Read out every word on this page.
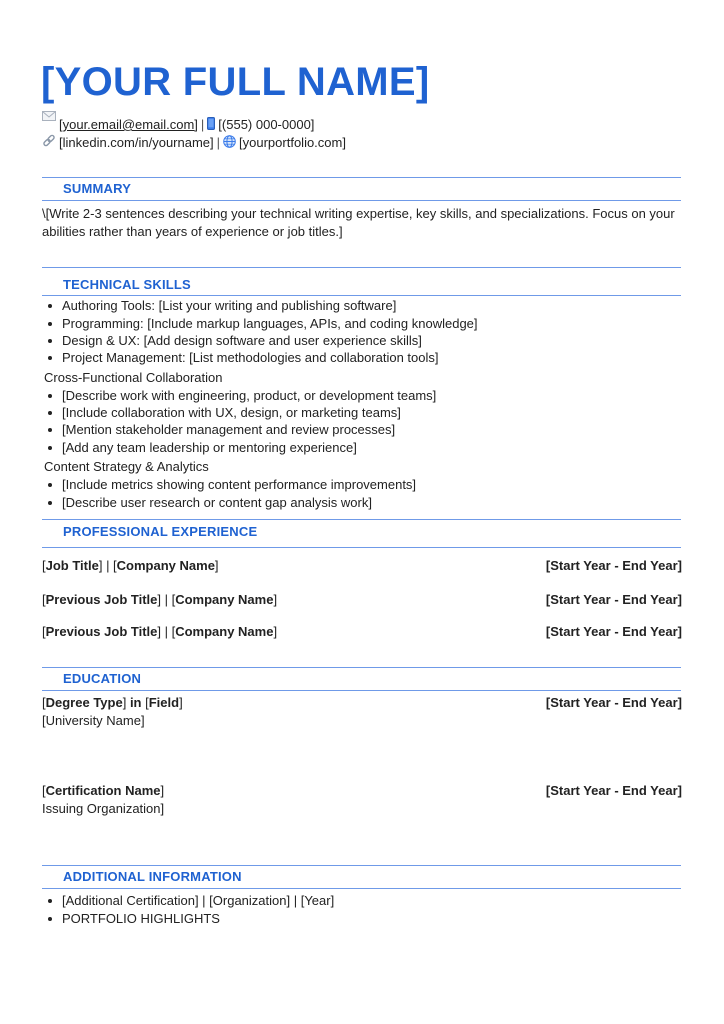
[YOUR FULL NAME]
[your.email@email.com] | [(555) 000-0000]
[linkedin.com/in/yourname] | [yourportfolio.com]
SUMMARY
\[Write 2-3 sentences describing your technical writing expertise, key skills, and specializations. Focus on your abilities rather than years of experience or job titles.]
TECHNICAL SKILLS
Authoring Tools: [List your writing and publishing software]
Programming: [Include markup languages, APIs, and coding knowledge]
Design & UX: [Add design software and user experience skills]
Project Management: [List methodologies and collaboration tools]
Cross-Functional Collaboration
[Describe work with engineering, product, or development teams]
[Include collaboration with UX, design, or marketing teams]
[Mention stakeholder management and review processes]
[Add any team leadership or mentoring experience]
Content Strategy & Analytics
[Include metrics showing content performance improvements]
[Describe user research or content gap analysis work]
PROFESSIONAL EXPERIENCE
[Job Title] | [Company Name]	[Start Year - End Year]
[Previous Job Title] | [Company Name]	[Start Year - End Year]
[Previous Job Title] | [Company Name]	[Start Year - End Year]
EDUCATION
[Degree Type] in [Field]	[Start Year - End Year]
[University Name]
[Certification Name]	[Start Year - End Year]
Issuing Organization]
ADDITIONAL INFORMATION
[Additional Certification] | [Organization] | [Year]
PORTFOLIO HIGHLIGHTS
